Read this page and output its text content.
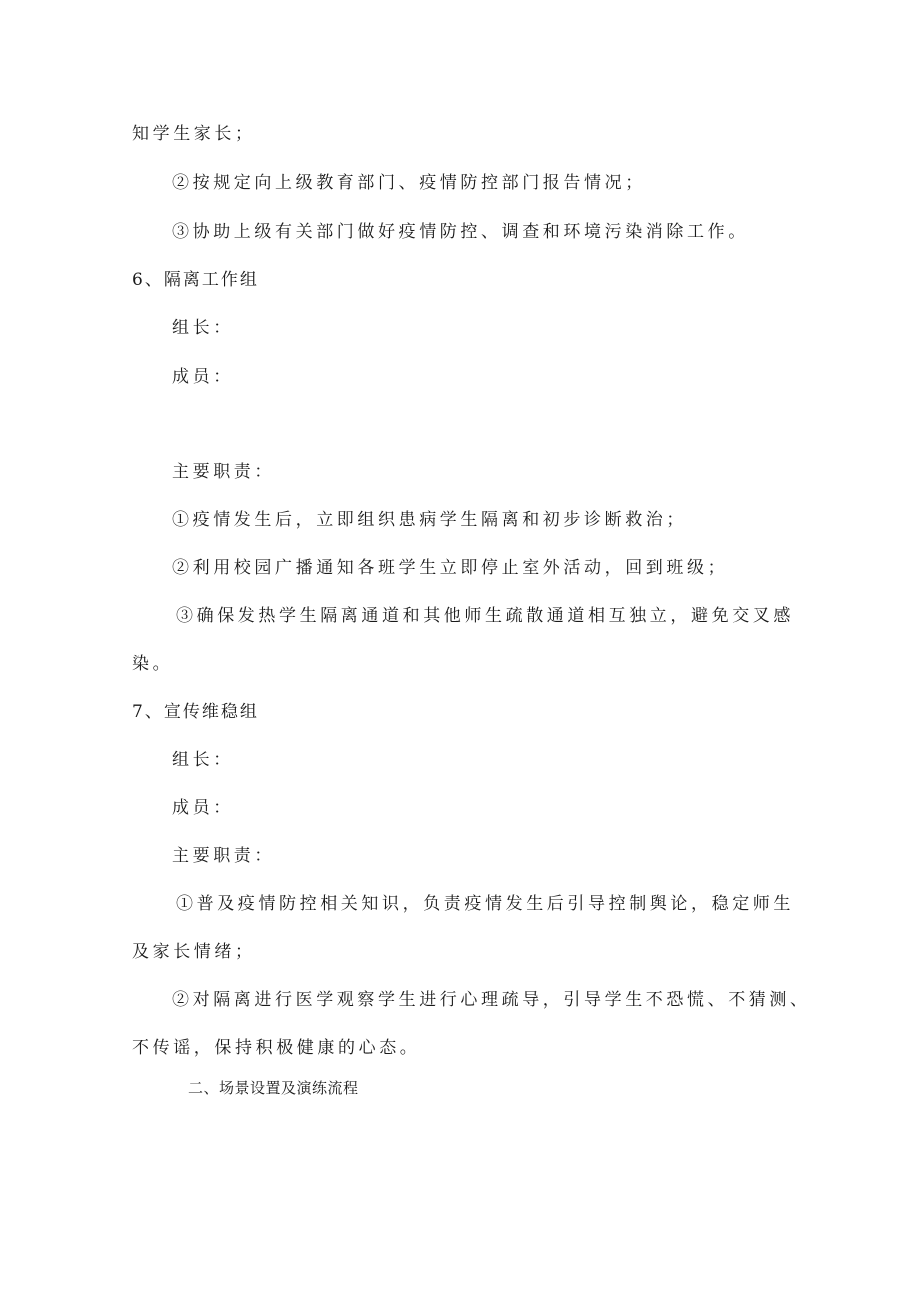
知学生家长；
②按规定向上级教育部门、疫情防控部门报告情况；
③协助上级有关部门做好疫情防控、调查和环境污染消除工作。
6、隔离工作组
组长：
成员：
主要职责：
①疫情发生后，立即组织患病学生隔离和初步诊断救治；
②利用校园广播通知各班学生立即停止室外活动，回到班级；
③确保发热学生隔离通道和其他师生疏散通道相互独立，避免交叉感
染。
7、宣传维稳组
组长：
成员：
主要职责：
①普及疫情防控相关知识，负责疫情发生后引导控制舆论，稳定师生
及家长情绪；
②对隔离进行医学观察学生进行心理疏导，引导学生不恐慌、不猜测、
不传谣，保持积极健康的心态。
二、场景设置及演练流程
